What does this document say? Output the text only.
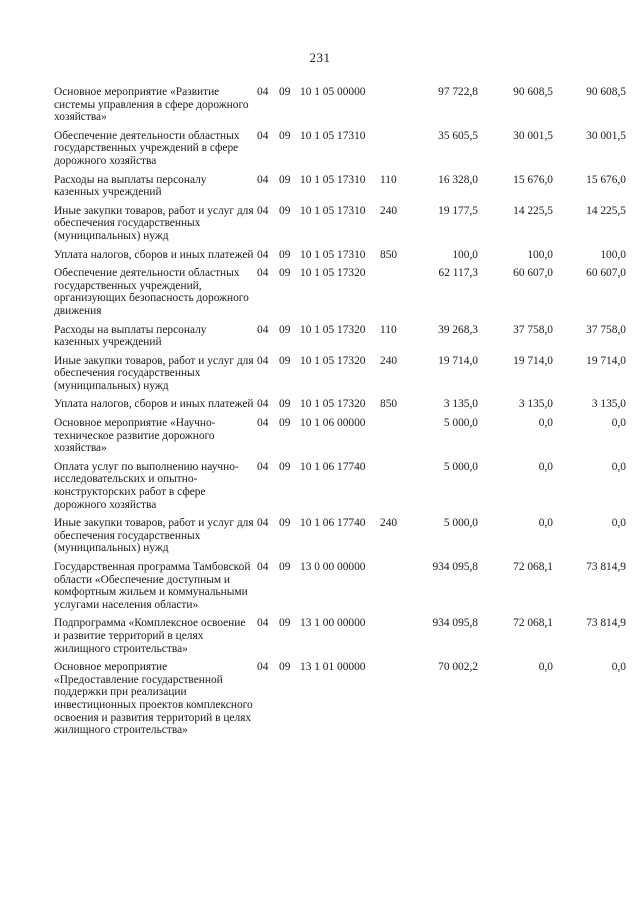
231
Основное мероприятие «Развитие системы управления в сфере дорожного хозяйства»
04 09 10 1 05 00000	97 722,8	90 608,5	90 608,5
Обеспечение деятельности областных государственных учреждений в сфере дорожного хозяйства
04 09 10 1 05 17310	35 605,5	30 001,5	30 001,5
Расходы на выплаты персоналу казенных учреждений
04 09 10 1 05 17310 110	16 328,0	15 676,0	15 676,0
Иные закупки товаров, работ и услуг для обеспечения государственных (муниципальных) нужд
04 09 10 1 05 17310 240	19 177,5	14 225,5	14 225,5
Уплата налогов, сборов и иных платежей 04 09 10 1 05 17310 850	100,0	100,0	100,0
Обеспечение деятельности областных государственных учреждений, организующих безопасность дорожного движения
04 09 10 1 05 17320	62 117,3	60 607,0	60 607,0
Расходы на выплаты персоналу казенных учреждений
04 09 10 1 05 17320 110	39 268,3	37 758,0	37 758,0
Иные закупки товаров, работ и услуг для обеспечения государственных (муниципальных) нужд
04 09 10 1 05 17320 240	19 714,0	19 714,0	19 714,0
Уплата налогов, сборов и иных платежей 04 09 10 1 05 17320 850	3 135,0	3 135,0	3 135,0
Основное мероприятие «Научно-техническое развитие дорожного хозяйства»
04 09 10 1 06 00000	5 000,0	0,0	0,0
Оплата услуг по выполнению научно-исследовательских и опытно-конструкторских работ в сфере дорожного хозяйства
04 09 10 1 06 17740	5 000,0	0,0	0,0
Иные закупки товаров, работ и услуг для обеспечения государственных (муниципальных) нужд
04 09 10 1 06 17740 240	5 000,0	0,0	0,0
Государственная программа Тамбовской области «Обеспечение доступным и комфортным жильем и коммунальными услугами населения области»
04 09 13 0 00 00000	934 095,8	72 068,1	73 814,9
Подпрограмма «Комплексное освоение и развитие территорий в целях жилищного строительства»
04 09 13 1 00 00000	934 095,8	72 068,1	73 814,9
Основное мероприятие «Предоставление государственной поддержки при реализации инвестиционных проектов комплексного освоения и развития территорий в целях жилищного строительства»
04 09 13 1 01 00000	70 002,2	0,0	0,0
